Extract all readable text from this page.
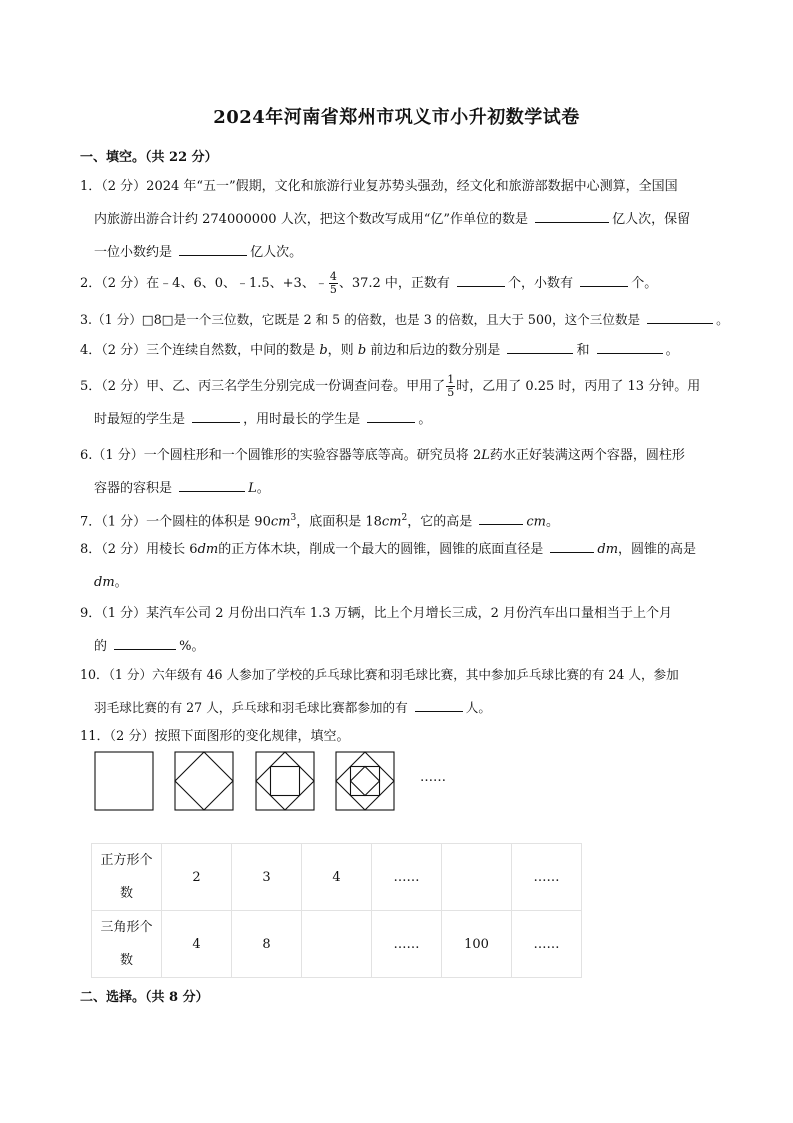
2024年河南省郑州市巩义市小升初数学试卷
一、填空。（共 22 分）
1．（2 分）2024 年“五一”假期，文化和旅游行业复苏势头强劲，经文化和旅游部数据中心测算，全国国
内旅游出游合计约 274000000 人次，把这个数改写成用“亿”作单位的数是	亿人次，保留
一位小数约是	亿人次。
2．（2 分）在﹣4、6、0、﹣1.5、+3、﹣ $\frac{4}{5}$ 、37.2 中，正数有	个，小数有	个。
3.（1 分）□8□是一个三位数，它既是 2 和 5 的倍数，也是 3 的倍数，且大于 500，这个三位数是	。
4．（2 分）三个连续自然数，中间的数是 b，则 b 前边和后边的数分别是	和	。
5．（2 分）甲、乙、丙三名学生分别完成一份调查问卷。甲用了 $\frac{1}{5}$ 时，乙用了 0.25 时，丙用了 13 分钟。用
时最短的学生是	，用时最长的学生是	。
6.（1 分）一个圆柱形和一个圆锥形的实验容器等底等高。研究员将 2L药水正好装满这两个容器，圆柱形
容器的容积是	L。
7．（1 分）一个圆柱的体积是 $90cm^3$，底面积是 $18cm^2$，它的高是	cm。
8．（2 分）用棱长 6dm的正方体木块，削成一个最大的圆锥，圆锥的底面直径是	dm，圆锥的高是
dm。
9．（1 分）某汽车公司 2 月份出口汽车 1.3 万辆，比上个月增长三成，2 月份汽车出口量相当于上个月
的	%。
10．（1 分）六年级有 46 人参加了学校的乒乓球比赛和羽毛球比赛，其中参加乒乓球比赛的有 24 人，参加
羽毛球比赛的有 27 人，乒乓球和羽毛球比赛都参加的有	人。
11．（2 分）按照下面图形的变化规律，填空。
……
正方形个
数	2	3	4	……		……
三角形个
数	4	8		……	100	……
二、选择。（共 8 分）
